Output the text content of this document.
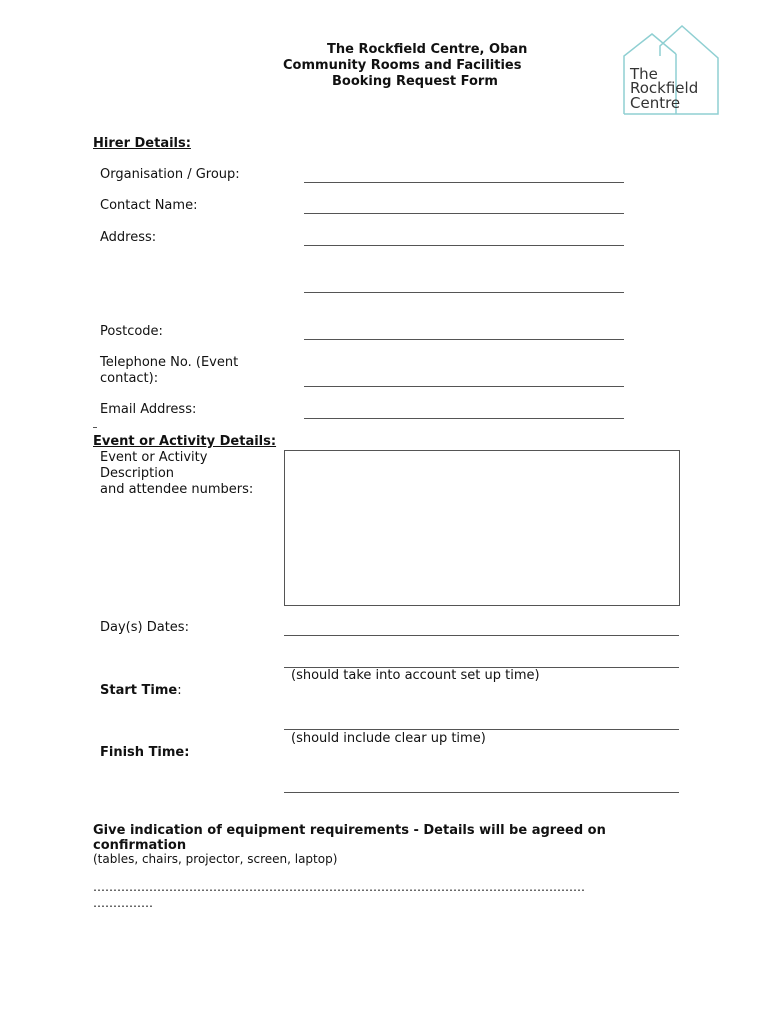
The Rockfield Centre, Oban
Community Rooms and Facilities
Booking Request Form	The
Rockfield
Centre
Hirer Details:
Organisation / Group:
Contact Name:
Address:
Postcode:
Telephone No. (Event
contact):
Email Address:
Event or Activity Details:
Event or Activity
Description
and attendee numbers:
Day(s) Dates:
(should take into account set up time)
Start Time:
(should include clear up time)
Finish Time:
Give indication of equipment requirements - Details will be agreed on confirmation
(tables, chairs, projector, screen, laptop)
……………………………………………………………………………………………………………
……………
